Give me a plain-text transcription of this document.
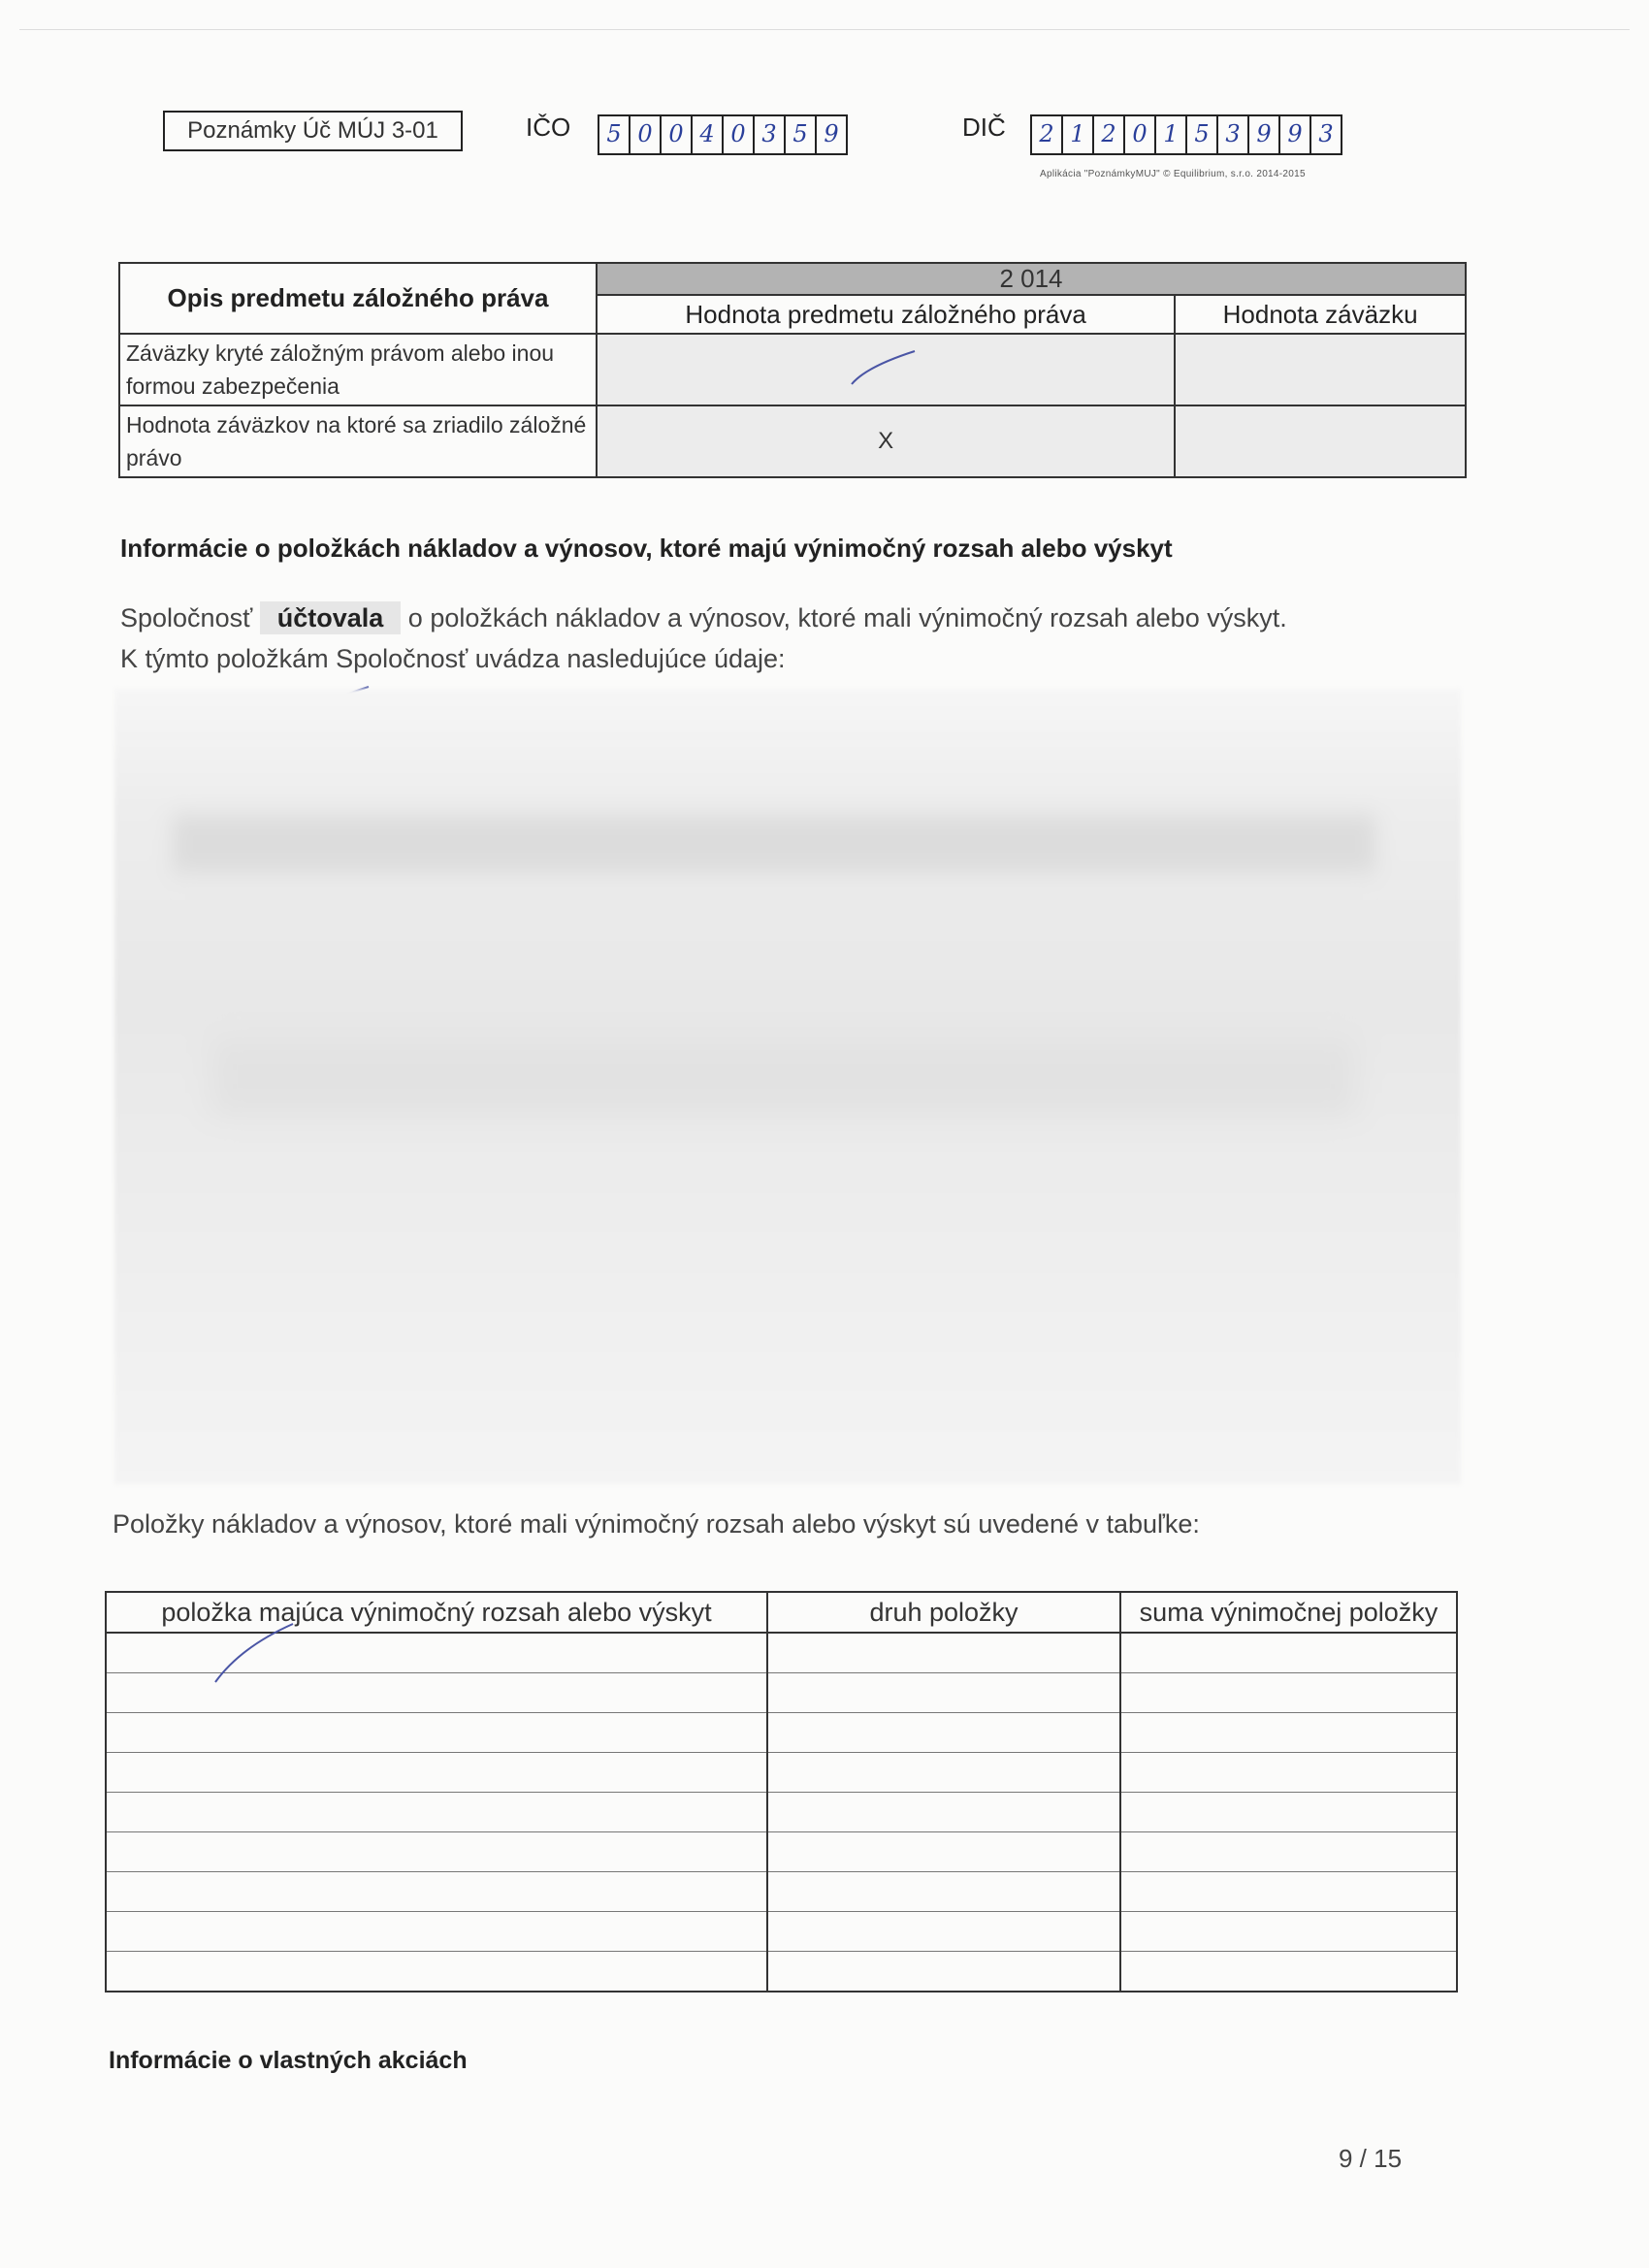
Poznámky Úč MÚJ 3-01	IČO	5 0 0 4 0 3 5 9	DIČ	2 1 2 0 1 5 3 9 9 3
Aplikácia "PoznámkyMUJ" © Equilibrium, s.r.o. 2014-2015
Opis predmetu záložného práva	2 014	
	Hodnota predmetu záložného práva	Hodnota záväzku
Záväzky kryté záložným právom alebo inou formou zabezpečenia		
Hodnota záväzkov na ktoré sa zriadilo záložné právo	X	
Informácie o položkách nákladov a výnosov, ktoré majú výnimočný rozsah alebo výskyt
Spoločnosť účtovala o položkách nákladov a výnosov, ktoré mali výnimočný rozsah alebo výskyt.
K týmto položkám Spoločnosť uvádza nasledujúce údaje:
Položky nákladov a výnosov, ktoré mali výnimočný rozsah alebo výskyt sú uvedené v tabuľke:
položka majúca výnimočný rozsah alebo výskyt	druh položky	suma výnimočnej položky

Informácie o vlastných akciách
9 / 15
